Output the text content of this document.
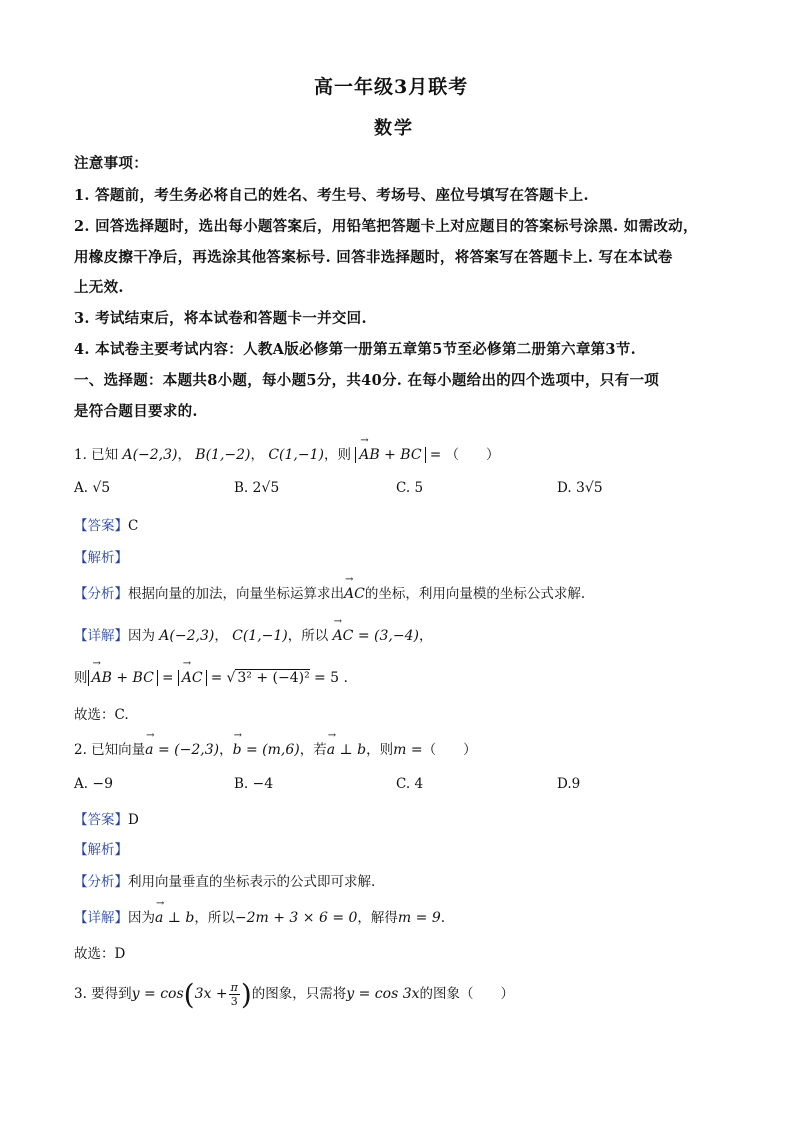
高一年级3月联考
数学
注意事项：
1. 答题前，考生务必将自己的姓名、考生号、考场号、座位号填写在答题卡上.
2. 回答选择题时，选出每小题答案后，用铅笔把答题卡上对应题目的答案标号涂黑. 如需改动，
用橡皮擦干净后，再选涂其他答案标号. 回答非选择题时，将答案写在答题卡上. 写在本试卷
上无效.
3. 考试结束后，将本试卷和答题卡一并交回.
4. 本试卷主要考试内容：人教A版必修第一册第五章第5节至必修第二册第六章第3节.
一、选择题：本题共8小题，每小题5分，共40分. 在每小题给出的四个选项中，只有一项
是符合题目要求的.
1. 已知 A(−2,3)， B(1,−2)， C(1,−1)，则 → AB + BC = （　　）
A. √5	B. 2√5	C. 5	D. 3√5
【答案】C
【解析】
【分析】根据向量的加法，向量坐标运算求出→ AC的坐标，利用向量模的坐标公式求解.
【详解】因为 A(−2,3)， C(1,−1)，所以 → AC = (3,−4)，
则 → AB + BC = → AC = √ 3² + (−4)² = 5 .
故选：C.
2. 已知向量→ a = (−2,3)，→ b = (m,6)，若→ a ⊥ b，则m =（　　）
A. −9	B. −4	C. 4	D.9
【答案】D
【解析】
【分析】利用向量垂直的坐标表示的公式即可求解.
【详解】因为→ a ⊥ b，所以−2m + 3 × 6 = 0，解得m = 9.
故选：D
3. 要得到$y = \cos(3x + \frac{\pi}{3}$ )的图象，只需将y = cos 3x的图象（　　）
